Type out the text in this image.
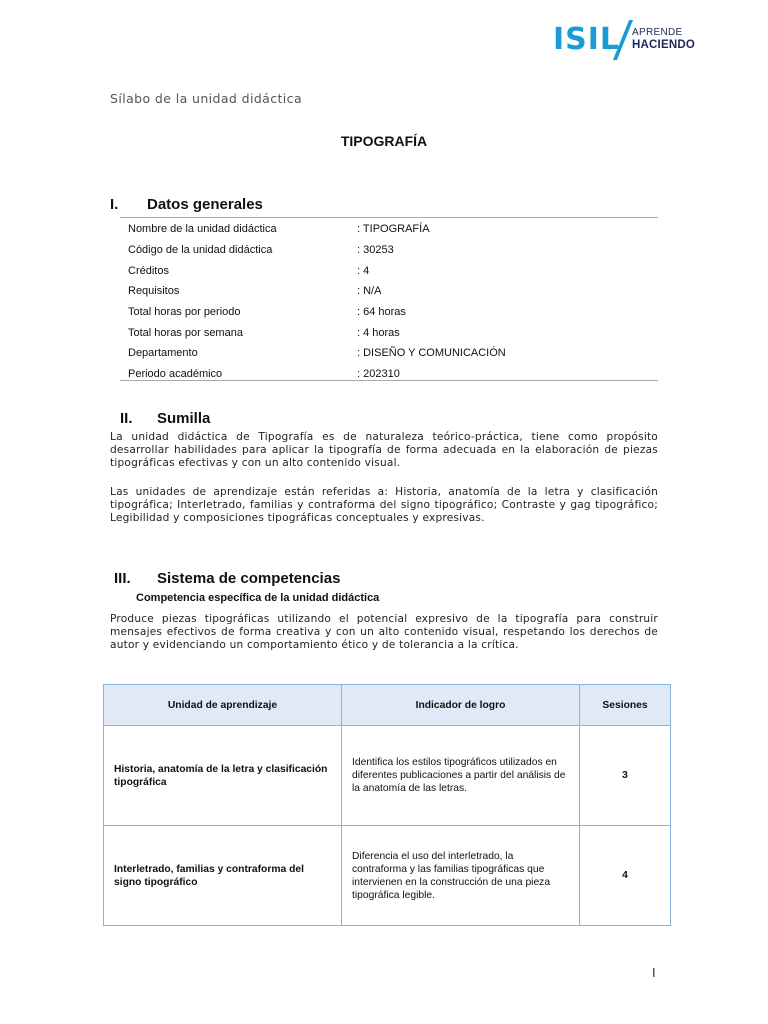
ISIL APRENDE
HACIENDO
Sílabo de la unidad didáctica
TIPOGRAFÍA
I. Datos generales
Nombre de la unidad didáctica	: TIPOGRAFÍA
Código de la unidad didáctica	: 30253
Créditos	: 4
Requisitos	: N/A
Total horas por periodo	: 64 horas
Total horas por semana	: 4 horas
Departamento	: DISEÑO Y COMUNICACIÓN
Periodo académico	: 202310
II. Sumilla
La unidad didáctica de Tipografía es de naturaleza teórico-práctica, tiene como propósito desarrollar habilidades para aplicar la tipografía de forma adecuada en la elaboración de piezas tipográficas efectivas y con un alto contenido visual.
Las unidades de aprendizaje están referidas a: Historia, anatomía de la letra y clasificación tipográfica; Interletrado, familias y contraforma del signo tipográfico; Contraste y gag tipográfico; Legibilidad y composiciones tipográficas conceptuales y expresivas.
III. Sistema de competencias
Competencia específica de la unidad didáctica
Produce piezas tipográficas utilizando el potencial expresivo de la tipografía para construir mensajes efectivos de forma creativa y con un alto contenido visual, respetando los derechos de autor y evidenciando un comportamiento ético y de tolerancia a la crítica.
Unidad de aprendizaje	Indicador de logro	Sesiones
Historia, anatomía de la letra y clasificación tipográfica	Identifica los estilos tipográficos utilizados en diferentes publicaciones a partir del análisis de la anatomía de las letras.	3
Interletrado, familias y contraforma del signo tipográfico	Diferencia el uso del interletrado, la contraforma y las familias tipográficas que intervienen en la construcción de una pieza tipográfica legible.	4
I
